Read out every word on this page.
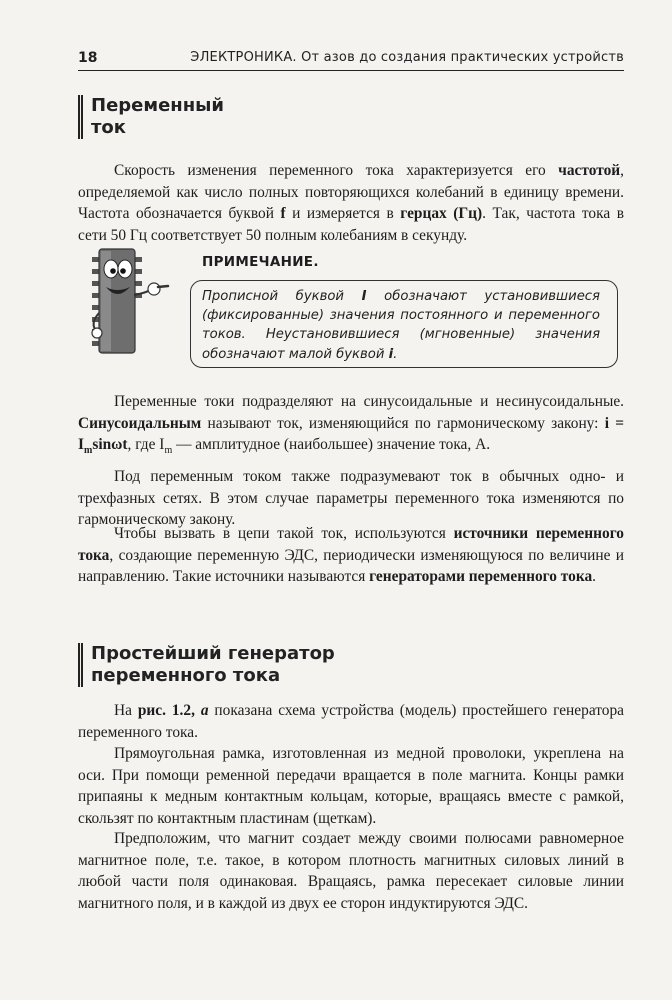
18	ЭЛЕКТРОНИКА. От азов до создания практических устройств
Переменный ток

Скорость изменения переменного тока характеризуется его частотой, определяемой как число полных повторяющихся колебаний в единицу времени. Частота обозначается буквой f и измеряется в герцах (Гц). Так, частота тока в сети 50 Гц соответствует 50 полным колебаниям в секунду.

ПРИМЕЧАНИЕ.

Прописной буквой I обозначают установившиеся (фиксированные) значения постоянного и переменного токов. Неустановившиеся (мгновенные) значения обозначают малой буквой i.

Переменные токи подразделяют на синусоидальные и несинусоидальные. Синусоидальным называют ток, изменяющийся по гармоническому закону: $i = I_m\sin\omega t$, где $I_m$ — амплитудное (наибольшее) значение тока, А.

Под переменным током также подразумевают ток в обычных одно- и трехфазных сетях. В этом случае параметры переменного тока изменяются по гармоническому закону.

Чтобы вызвать в цепи такой ток, используются источники переменного тока, создающие переменную ЭДС, периодически изменяющуюся по величине и направлению. Такие источники называются генераторами переменного тока.

Простейший генератор переменного тока

На рис. 1.2, а показана схема устройства (модель) простейшего генератора переменного тока.

Прямоугольная рамка, изготовленная из медной проволоки, укреплена на оси. При помощи ременной передачи вращается в поле магнита. Концы рамки припаяны к медным контактным кольцам, которые, вращаясь вместе с рамкой, скользят по контактным пластинам (щеткам).

Предположим, что магнит создает между своими полюсами равномерное магнитное поле, т.е. такое, в котором плотность магнитных силовых линий в любой части поля одинаковая. Вращаясь, рамка пересекает силовые линии магнитного поля, и в каждой из двух ее сторон индуктируются ЭДС.
